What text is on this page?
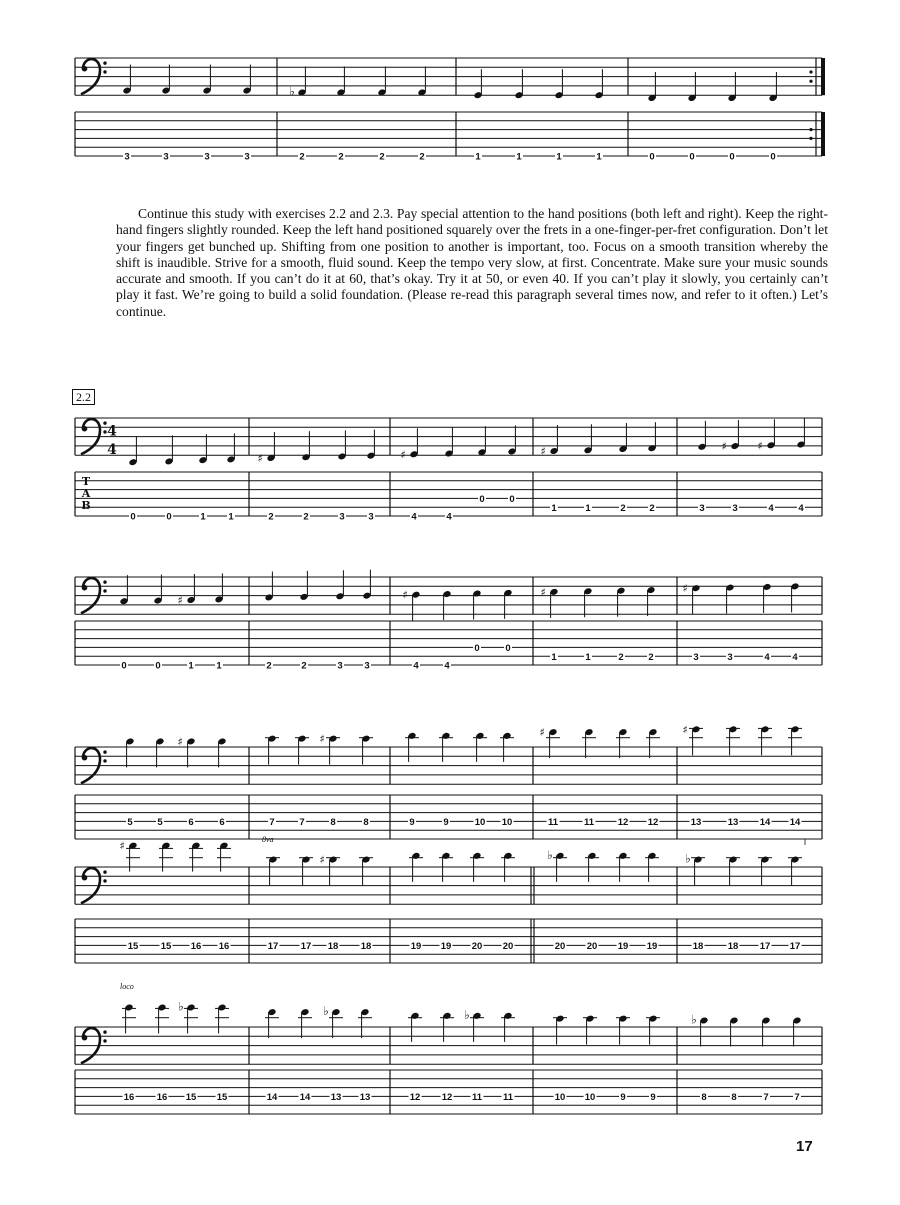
3	3	3	3
♭
2	2	2	2	1	1	1	1	0	0	0	0
4
4
T
A
B
0	0	1 1
♯
2	2	3 3
♯
4	4
0	0
♯
1	1	2 2	3
♯
3
♯
4	4
0	0
♯
1 1	2	2	3 3
♯
4	4
0	0
♯
1	1	2	2
♯
3	3	4 4
5	5
♯
6	6	7	7
♯
8	8	9	9	10 10
♯
11	11 12 12
♯
13	13 14 14
♯
15 15 16 16	17 17
♯
18 18	19 19 20 20
♭
20 20 19 19
♭
18	18 17 17
16 16
♭
15 15	14 14
♭
13 13	12 12
♭
11 11	10 10	9	9
♭
8	8	7	7
8va
loco
Continue this study with exercises 2.2 and 2.3. Pay special attention to the hand positions (both left and right). Keep the right-hand fingers slightly rounded. Keep the left hand positioned squarely over the frets in a one-finger-per-fret configuration. Don’t let your fingers get bunched up. Shifting from one position to another is important, too. Focus on a smooth transition whereby the shift is inaudible. Strive for a smooth, fluid sound. Keep the tempo very slow, at first. Concentrate. Make sure your music sounds accurate and smooth. If you can’t do it at 60, that’s okay. Try it at 50, or even 40. If you can’t play it slowly, you certainly can’t play it fast. We’re going to build a solid foundation. (Please re-read this paragraph several times now, and refer to it often.) Let’s continue.
2.2
17
